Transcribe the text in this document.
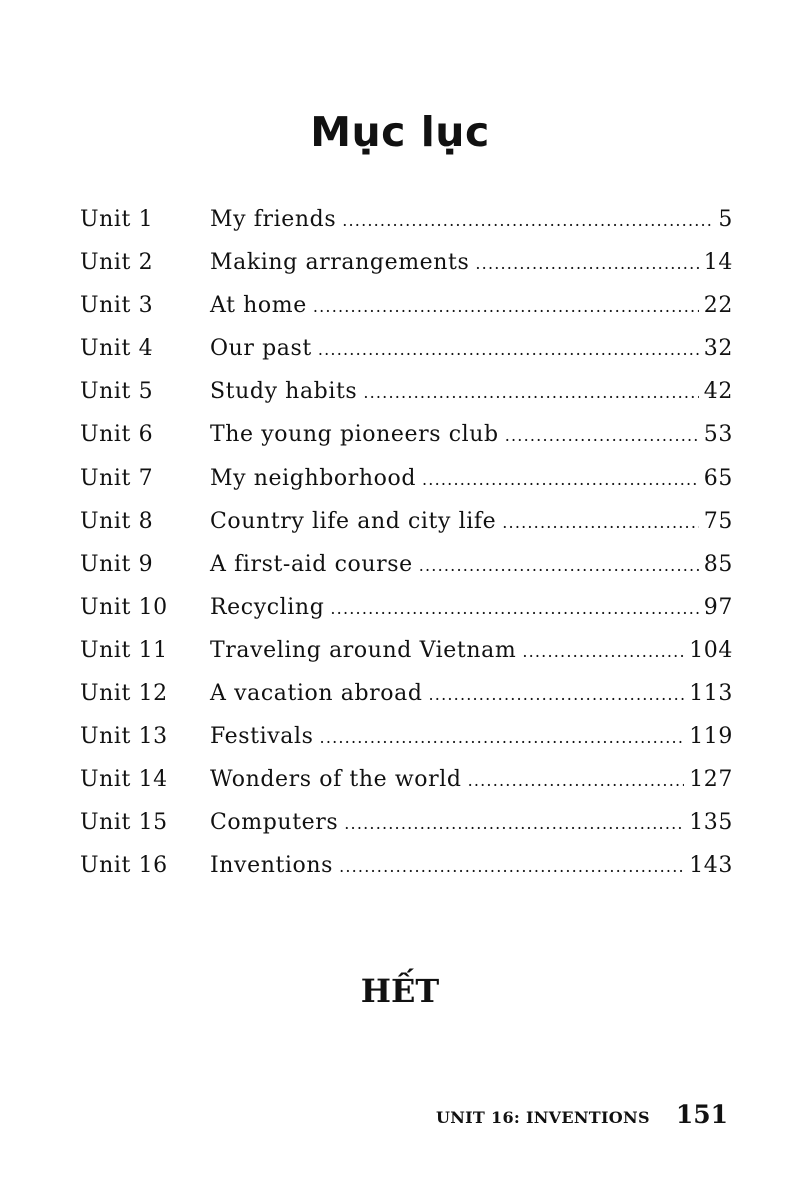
Mục lục
Unit 1	My friends .....	5
Unit 2	Making arrangements .....	14
Unit 3	At home .....	22
Unit 4	Our past .....	32
Unit 5	Study habits .....	42
Unit 6	The young pioneers club .....	53
Unit 7	My neighborhood .....	65
Unit 8	Country life and city life .....	75
Unit 9	A first-aid course .....	85
Unit 10	Recycling .....	97
Unit 11	Traveling around Vietnam .....	104
Unit 12	A vacation abroad .....	113
Unit 13	Festivals .....	119
Unit 14	Wonders of the world .....	127
Unit 15	Computers .....	135
Unit 16	Inventions .....	143
HẾT
UNIT 16: INVENTIONS 151
